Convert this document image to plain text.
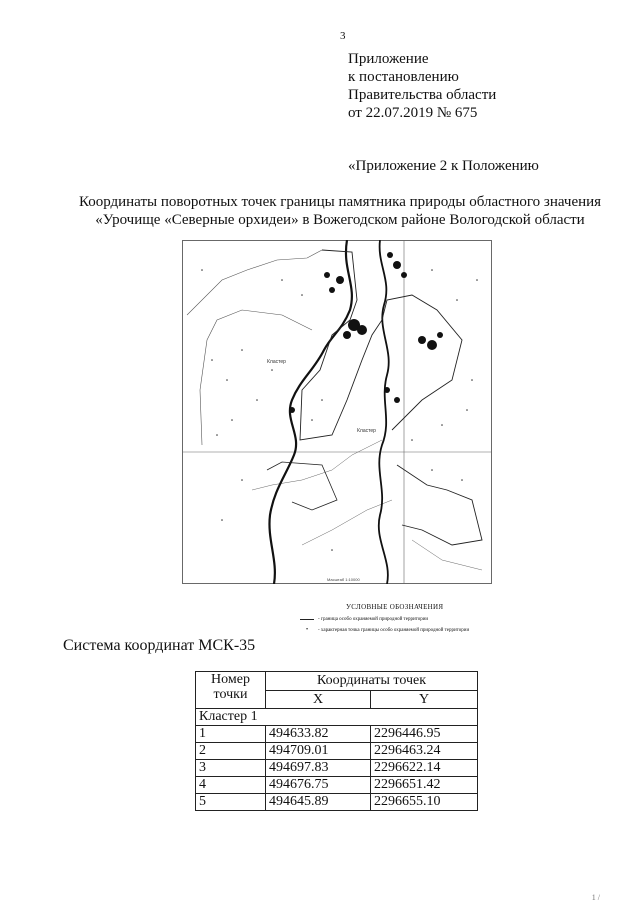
3
Приложение
к постановлению
Правительства области
от 22.07.2019 № 675
«Приложение 2 к Положению
Координаты поворотных точек границы памятника природы областного значения
«Урочище «Северные орхидеи» в Вожегодском районе Вологодской области
Кластер
Кластер
Масштаб 1:10000
УСЛОВНЫЕ ОБОЗНАЧЕНИЯ
- граница особо охраняемой природной территории
•	- характерная точка границы особо охраняемой природной территории
Система координат МСК-35
Номер
точки	Координаты точек	
	X	Y
Кластер 1		
1	494633.82	2296446.95
2	494709.01	2296463.24
3	494697.83	2296622.14
4	494676.75	2296651.42
5	494645.89	2296655.10
1 /
